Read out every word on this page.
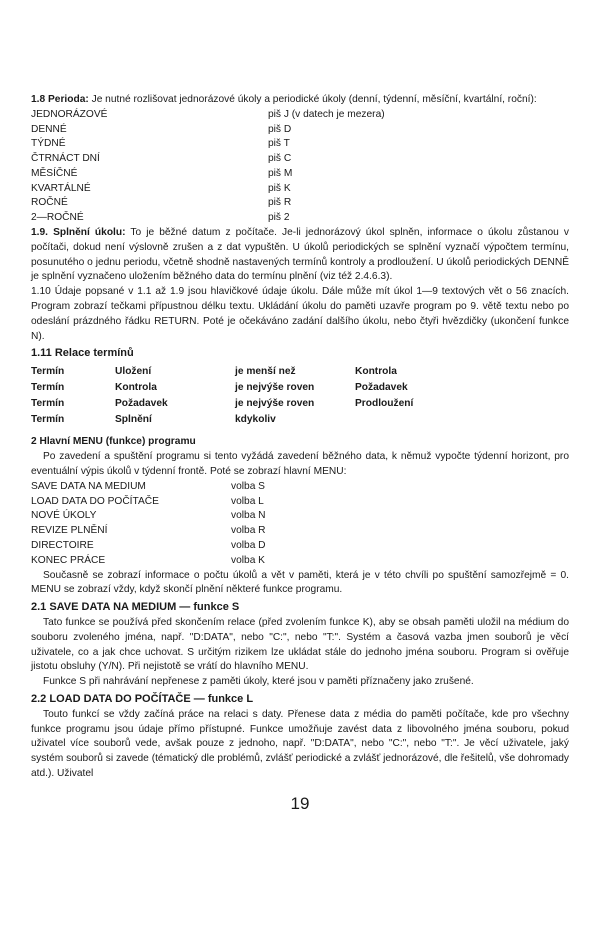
1.8 Perioda: Je nutné rozlišovat jednorázové úkoly a periodické úkoly (denní, týdenní, měsíční, kvartální, roční):

JEDNORÁZOVÉ	piš J (v datech je mezera)
DENNÉ	piš D
TÝDNÉ	piš T
ČTRNÁCT DNÍ	piš C
MĚSÍČNÉ	piš M
KVARTÁLNÉ	piš K
ROČNÉ	piš R
2—ROČNÉ	piš 2

1.9. Splnění úkolu: To je běžné datum z počítače. Je-li jednorázový úkol splněn, informace o úkolu zůstanou v počítači, dokud není výslovně zrušen a z dat vypuštěn. U úkolů periodických se splnění vyznačí výpočtem termínu, posunutého o jednu periodu, včetně shodně nastavených termínů kontroly a prodloužení. U úkolů periodických DENNĚ je splnění vyznačeno uložením běžného data do termínu plnění (viz též 2.4.6.3).

1.10 Údaje popsané v 1.1 až 1.9 jsou hlavičkové údaje úkolu. Dále může mít úkol 1—9 textových vět o 56 znacích. Program zobrazí tečkami přípustnou délku textu. Ukládání úkolu do paměti uzavře program po 9. větě textu nebo po odeslání prázdného řádku RETURN. Poté je očekáváno zadání dalšího úkolu, nebo čtyři hvězdičky (ukončení funkce N).

1.11 Relace termínů
Termín	Uložení	je menší než	Kontrola
Termín	Kontrola	je nejvýše roven	Požadavek
Termín	Požadavek	je nejvýše roven	Prodloužení
Termín	Splnění	kdykoliv
2 Hlavní MENU (funkce) programu

Po zavedení a spuštění programu si tento vyžádá zavedení běžného data, k němuž vypočte týdenní horizont, pro eventuální výpis úkolů v týdenní frontě. Poté se zobrazí hlavní MENU:

SAVE DATA NA MEDIUM	volba S
LOAD DATA DO POČÍTAČE	volba L
NOVÉ ÚKOLY	volba N
REVIZE PLNĚNÍ	volba R
DIRECTOIRE	volba D
KONEC PRÁCE	volba K

Současně se zobrazí informace o počtu úkolů a vět v paměti, která je v této chvíli po spuštění samozřejmě = 0. MENU se zobrazí vždy, když skončí plnění některé funkce programu.

2.1 SAVE DATA NA MEDIUM — funkce S

Tato funkce se používá před skončením relace (před zvolením funkce K), aby se obsah paměti uložil na médium do souboru zvoleného jména, např. "D:DATA", nebo "C:", nebo "T:". Systém a časová vazba jmen souborů je věcí uživatele, co a jak chce uchovat. S určitým rizikem lze ukládat stále do jednoho jména souboru. Program si ověřuje jistotu obsluhy (Y/N). Při nejistotě se vrátí do hlavního MENU.

Funkce S při nahrávání nepřenese z paměti úkoly, které jsou v paměti příznačeny jako zrušené.

2.2 LOAD DATA DO POČÍTAČE — funkce L

Touto funkcí se vždy začíná práce na relaci s daty. Přenese data z média do paměti počítače, kde pro všechny funkce programu jsou údaje přímo přístupné. Funkce umožňuje zavést data z libovolného jména souboru, pokud uživatel více souborů vede, avšak pouze z jednoho, např. "D:DATA", nebo "C:", nebo "T:". Je věcí uživatele, jaký systém souborů si zavede (tématický dle problémů, zvlášť periodické a zvlášť jednorázové, dle řešitelů, vše dohromady atd.). Uživatel

19
